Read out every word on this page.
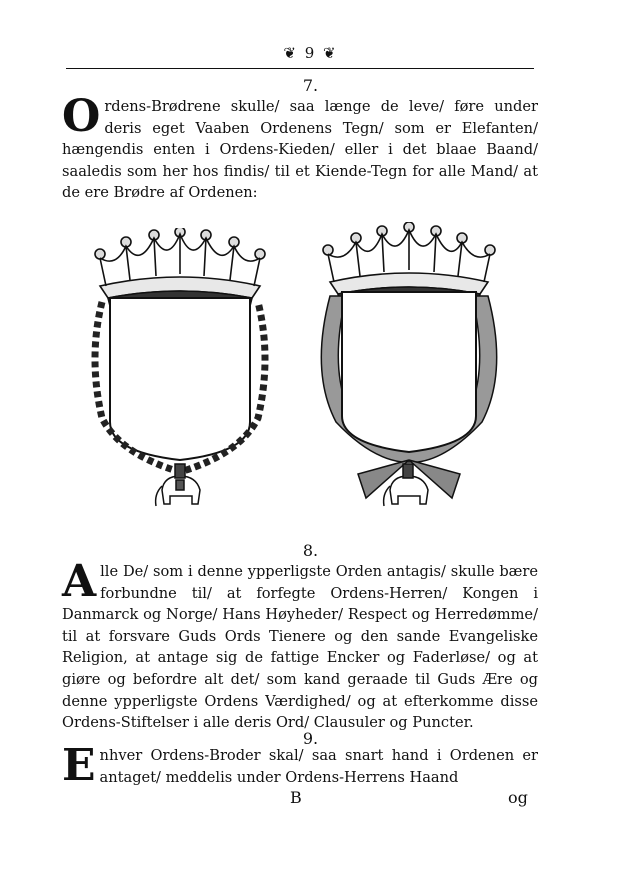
❦ 9 ❦
7.
O rdens-Brødrene skulle/ saa længe de leve/ føre under deris eget Vaaben Ordenens Tegn/ som er Elefanten/ hængendis enten i Ordens-Kieden/ eller i det blaae Baand/ saaledis som her hos findis/ til et Kiende-Tegn for alle Mand/ at de ere Brødre af Ordenen:

8.
A lle De/ som i denne ypperligste Orden antagis/ skulle bære forbundne til/ at forfegte Ordens-Herren/ Kongen i Danmarck og Norge/ Hans Høyheder/ Respect og Herredømme/ til at forsvare Guds Ords Tienere og den sande Evangeliske Religion, at antage sig de fattige Encker og Faderløse/ og at giøre og befordre alt det/ som kand geraade til Guds Ære og denne ypperligste Ordens Værdighed/ og at efterkomme disse Ordens-Stiftelser i alle deris Ord/ Clausuler og Puncter.

9.
E nhver Ordens-Broder skal/ saa snart hand i Ordenen er antaget/ meddelis under Ordens-Herrens Haand

B	og
